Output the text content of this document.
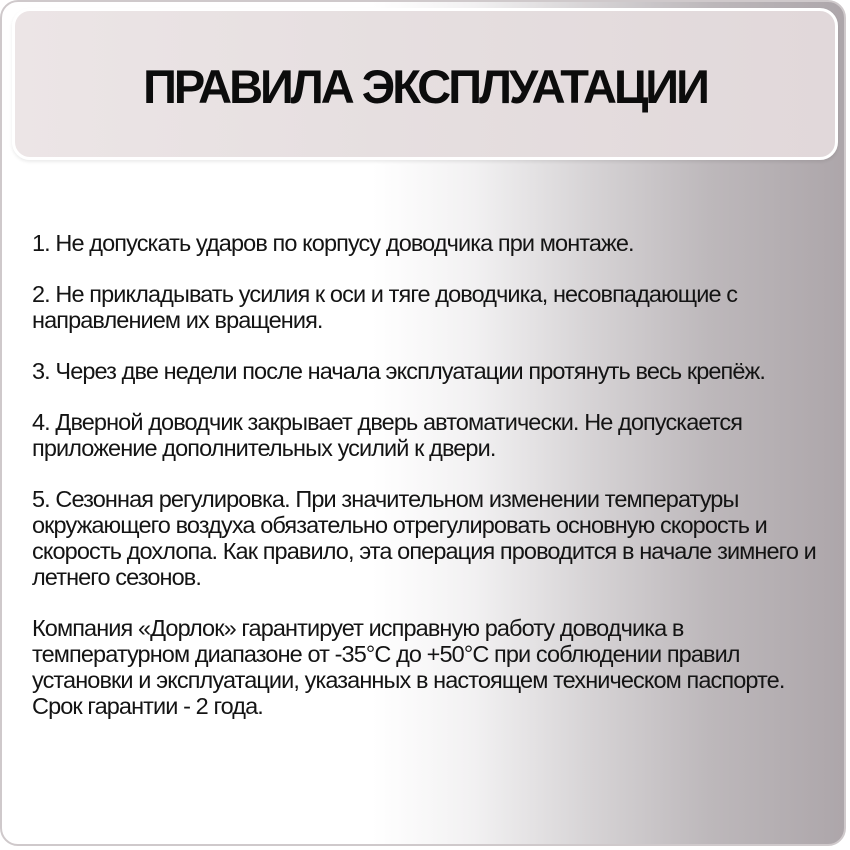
ПРАВИЛА ЭКСПЛУАТАЦИИ

1. Не допускать ударов по корпусу доводчика при монтаже.

2. Не прикладывать усилия к оси и тяге доводчика, несовпадающие с направлением их вращения.

3. Через две недели после начала эксплуатации протянуть весь крепёж.

4. Дверной доводчик закрывает дверь автоматически. Не допускается приложение дополнительных усилий к двери.

5. Сезонная регулировка. При значительном изменении температуры окружающего воздуха обязательно отрегулировать основную скорость и скорость дохлопа. Как правило, эта операция проводится в начале зимнего и летнего сезонов.

Компания «Дорлок» гарантирует исправную работу доводчика в температурном диапазоне от -35°С до +50°С при соблюдении правил установки и эксплуатации, указанных в настоящем техническом паспорте. Срок гарантии - 2 года.
